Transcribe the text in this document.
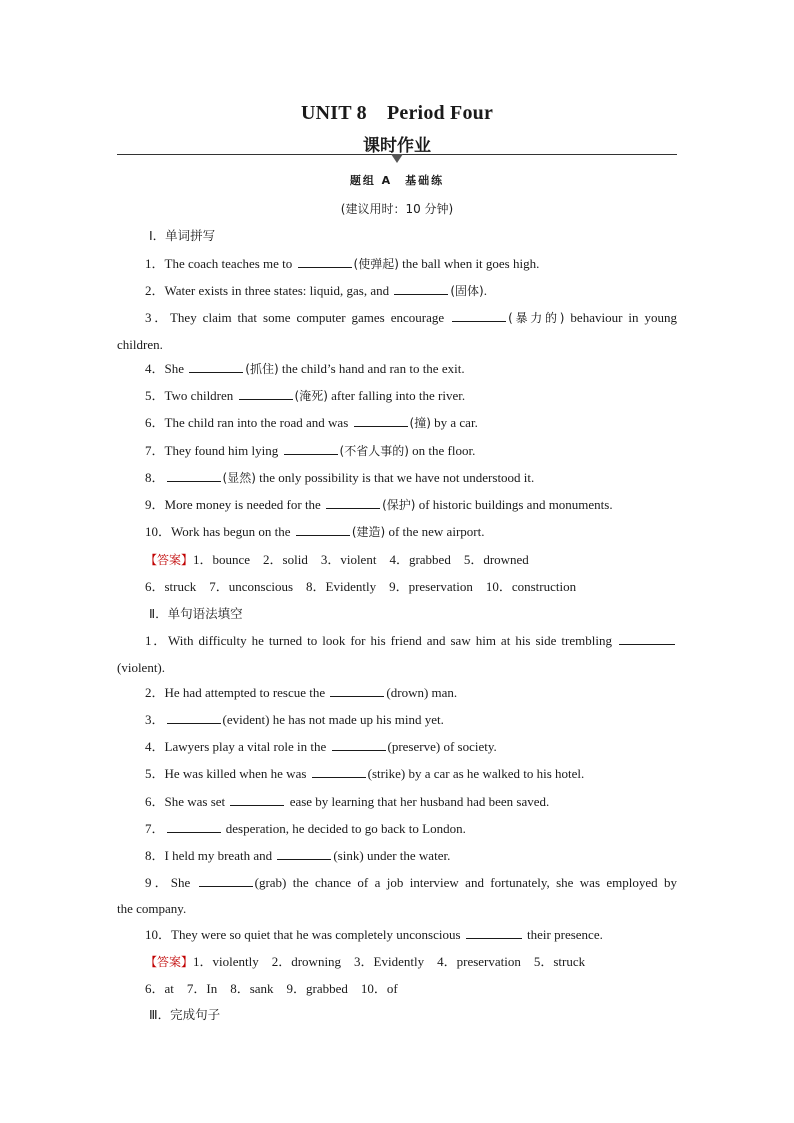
UNIT 8　Period Four
课时作业
题组 A　基础练
(建议用时：10 分钟)
Ⅰ．单词拼写
1．The coach teaches me to	(使弹起) the ball when it goes high.
2．Water exists in three states: liquid, gas, and	(固体).
3．They claim that some computer games encourage	(暴力的) behaviour in young
children.
4．She	(抓住) the child’s hand and ran to the exit.
5．Two children	(淹死) after falling into the river.
6．The child ran into the road and was	(撞) by a car.
7．They found him lying	(不省人事的) on the floor.
8．	(显然) the only possibility is that we have not understood it.
9．More money is needed for the	(保护) of historic buildings and monuments.
10．Work has begun on the	(建造) of the new airport.
【答案】1．bounce　2．solid　3．violent　4．grabbed　5．drowned
6．struck　7．unconscious　8．Evidently　9．preservation　10．construction
Ⅱ．单句语法填空
1．With difficulty he turned to look for his friend and saw him at his side trembling
(violent).
2．He had attempted to rescue the	(drown) man.
3．	(evident) he has not made up his mind yet.
4．Lawyers play a vital role in the	(preserve) of society.
5．He was killed when he was	(strike) by a car as he walked to his hotel.
6．She was set	ease by learning that her husband had been saved.
7．	desperation, he decided to go back to London.
8．I held my breath and	(sink) under the water.
9．She	(grab) the chance of a job interview and fortunately, she was employed by
the company.
10．They were so quiet that he was completely unconscious	their presence.
【答案】1．violently　2．drowning　3．Evidently　4．preservation　5．struck
6．at　7．In　8．sank　9．grabbed　10．of
Ⅲ．完成句子
